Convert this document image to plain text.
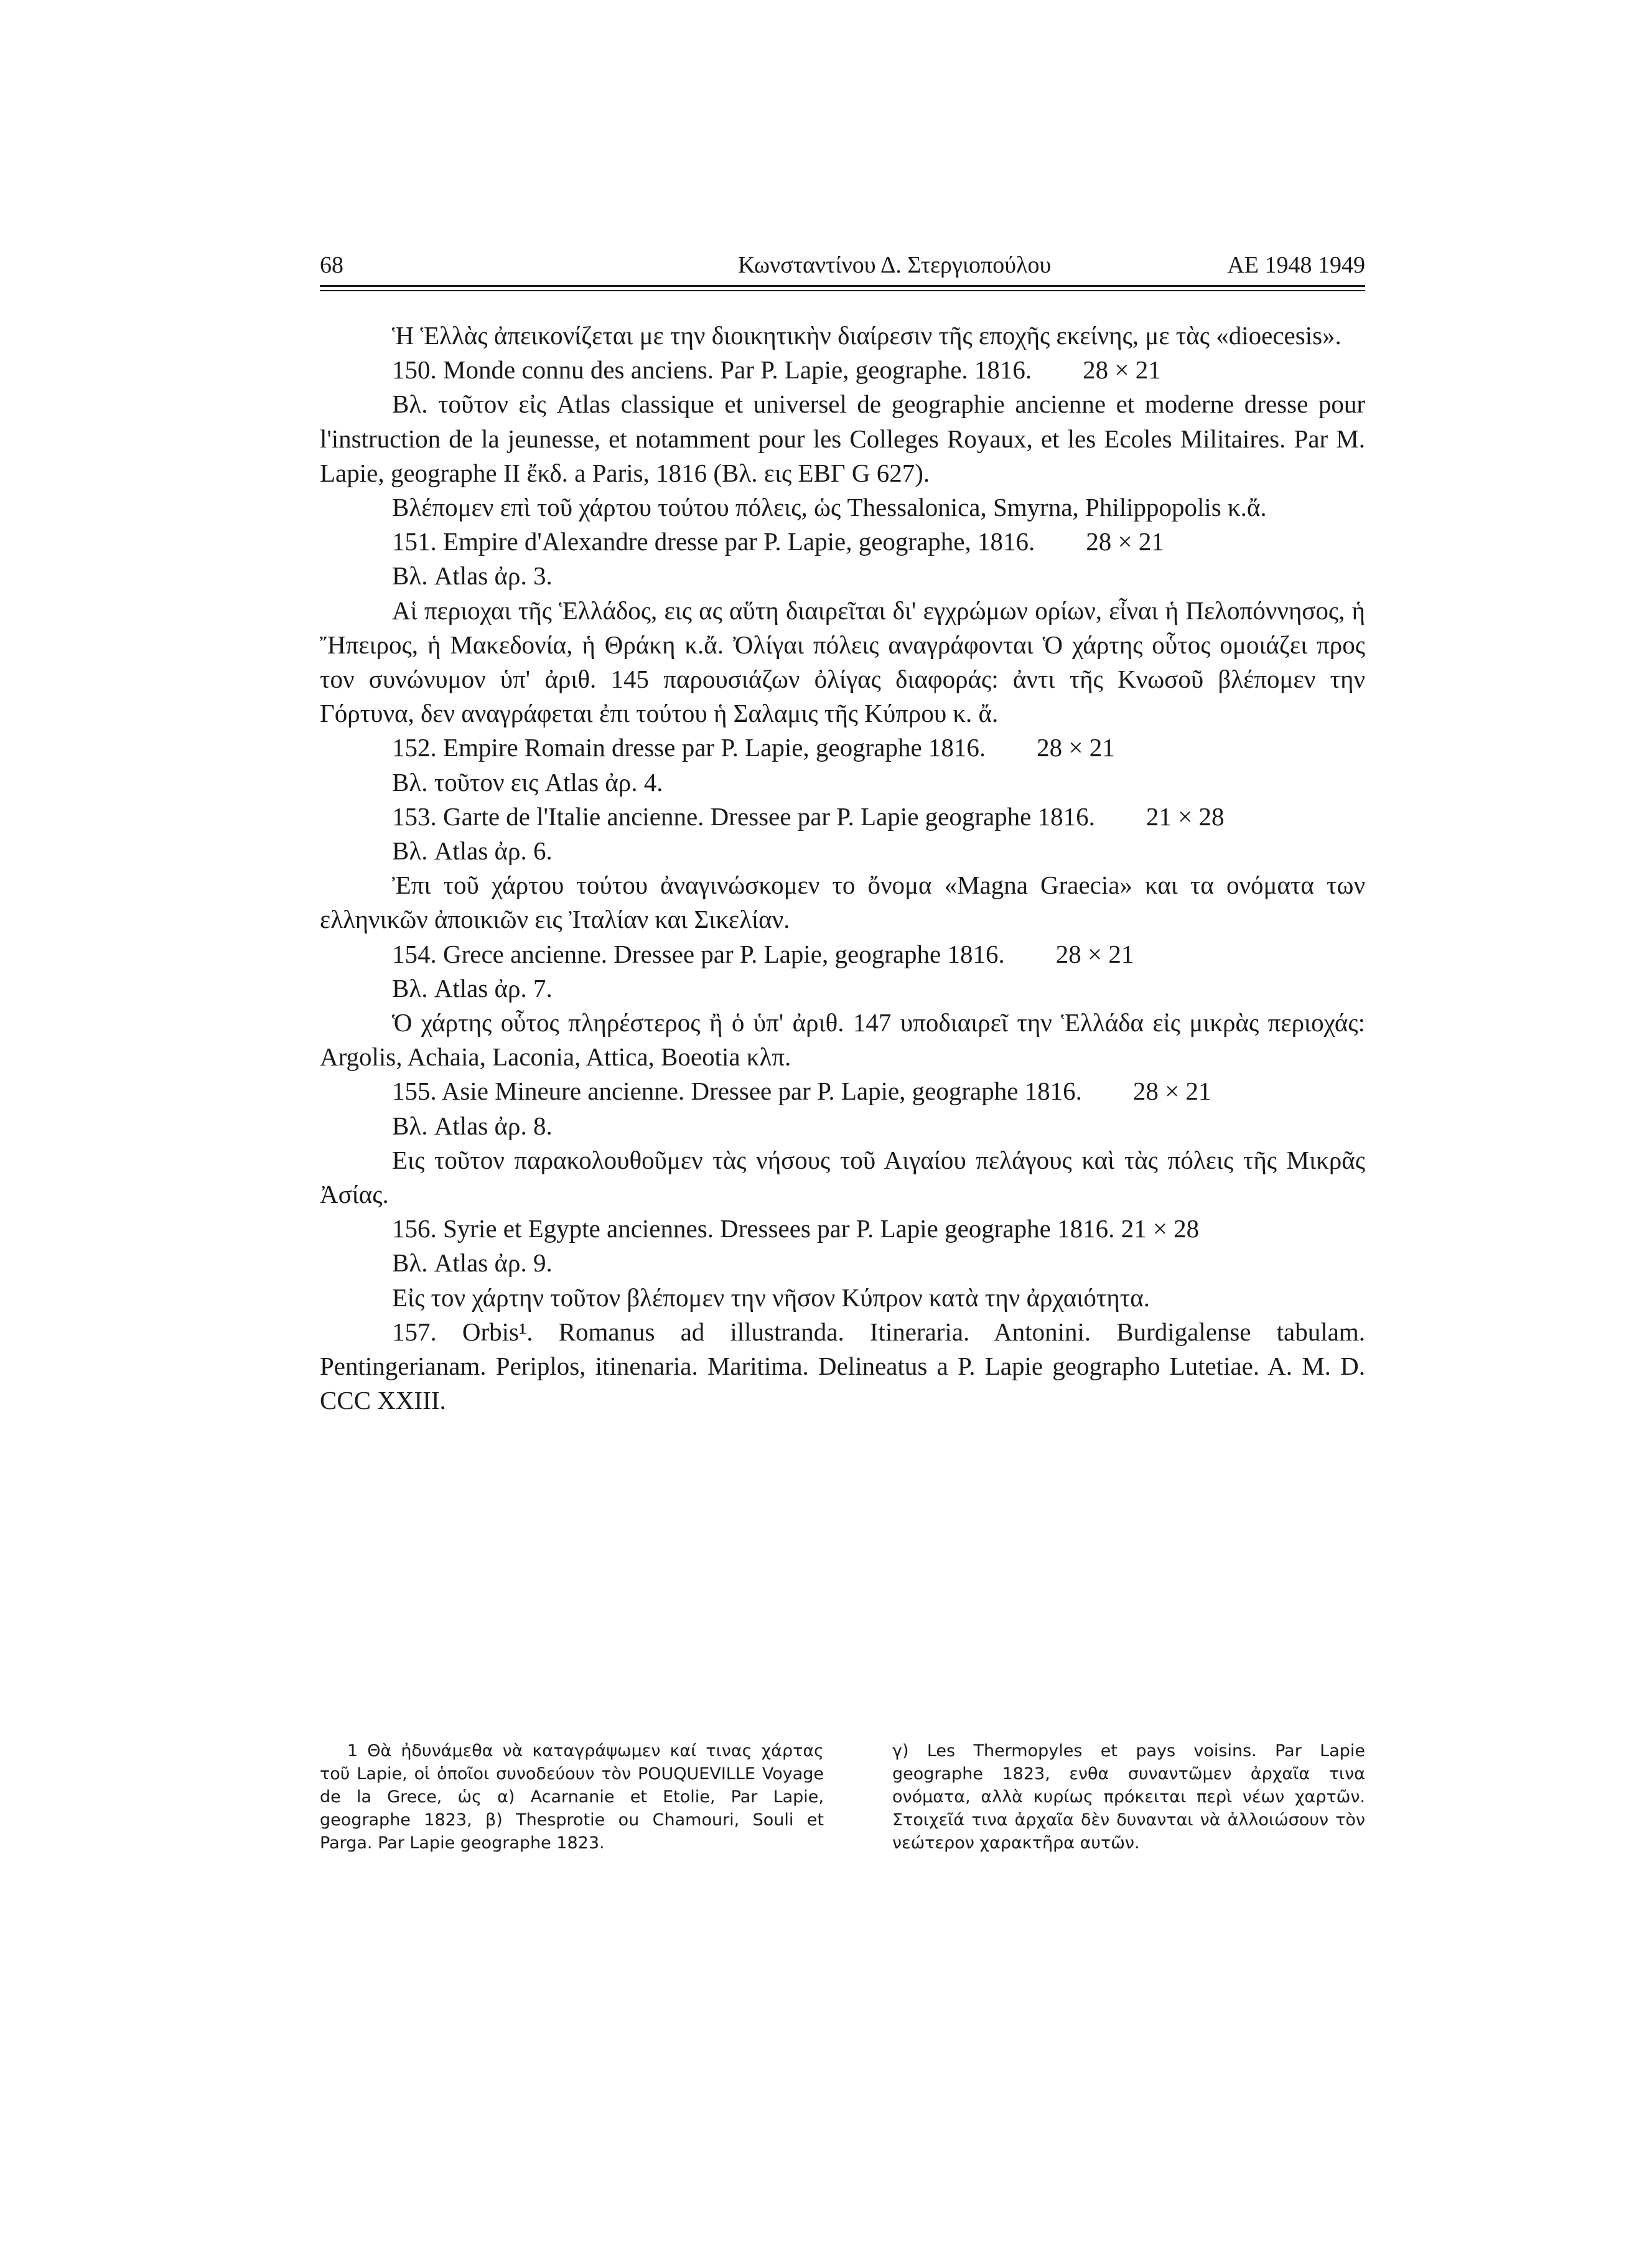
68	Κωνσταντίνου Δ. Στεργιοπούλου	ΑΕ 1948 1949

Ἡ Ἑλλὰς ἀπεικονίζεται με την διοικητικὴν διαίρεσιν τῆς εποχῆς εκείνης, με τὰς «dioecesis».

150. Monde connu des anciens. Par P. Lapie, geographe. 1816.  28 × 21

Βλ. τοῦτον εἰς Atlas classique et universel de geographie ancienne et moderne dresse pour l'instruction de la jeunesse, et notamment pour les Colleges Royaux, et les Ecoles Militaires. Par M. Lapie, geographe II ἔκδ. a Paris, 1816 (Βλ. εις ΕΒΓ G 627).

Βλέπομεν επὶ τοῦ χάρτου τούτου πόλεις, ὡς Thessalonica, Smyrna, Philippopolis κ.ἄ.

151. Empire d'Alexandre dresse par P. Lapie, geographe, 1816.  28 × 21

Βλ. Atlas ἀρ. 3.

Αἱ περιοχαι τῆς Ἑλλάδος, εις ας αὕτη διαιρεῖται δι' εγχρώμων ορίων, εἶναι ἡ Πελοπόννησος, ἡ Ἤπειρος, ἡ Μακεδονία, ἡ Θράκη κ.ἄ. Ὀλίγαι πόλεις αναγράφονται Ὁ χάρτης οὗτος ομοιάζει προς τον συνώνυμον ὑπ' ἀριθ. 145 παρουσιάζων ὀλίγας διαφοράς: ἀντι τῆς Κνωσοῦ βλέπομεν την Γόρτυνα, δεν αναγράφεται ἐπι τούτου ἡ Σαλαμις τῆς Κύπρου κ. ἄ.

152. Empire Romain dresse par P. Lapie, geographe 1816.  28 × 21

Βλ. τοῦτον εις Atlas ἀρ. 4.

153. Garte de l'Italie ancienne. Dressee par P. Lapie geographe 1816.  21 × 28

Βλ. Atlas ἀρ. 6.

Ἐπι τοῦ χάρτου τούτου ἀναγινώσκομεν το ὄνομα «Magna Graecia» και τα ονόματα των ελληνικῶν ἀποικιῶν εις Ἰταλίαν και Σικελίαν.

154. Grece ancienne. Dressee par P. Lapie, geographe 1816.  28 × 21

Βλ. Atlas ἀρ. 7.

Ὁ χάρτης οὗτος πληρέστερος ἢ ὁ ὑπ' ἀριθ. 147 υποδιαιρεῖ την Ἑλλάδα εἰς μικρὰς περιοχάς: Argolis, Achaia, Laconia, Attica, Boeotia κλπ.

155. Asie Mineure ancienne. Dressee par P. Lapie, geographe 1816.  28 × 21

Βλ. Atlas ἀρ. 8.

Εις τοῦτον παρακολουθοῦμεν τὰς νήσους τοῦ Αιγαίου πελάγους καὶ τὰς πόλεις τῆς Μικρᾶς Ἀσίας.

156. Syrie et Egypte anciennes. Dressees par P. Lapie geographe 1816. 21 × 28

Βλ. Atlas ἀρ. 9.

Εἰς τον χάρτην τοῦτον βλέπομεν την νῆσον Κύπρον κατὰ την ἀρχαιότητα.

157. Orbis¹. Romanus ad illustranda. Itineraria. Antonini. Burdigalense tabulam. Pentingerianam. Periplos, itinenaria. Maritima. Delineatus a P. Lapie geographo Lutetiae. A. M. D. CCC XXIII.

1 Θὰ ἠδυνάμεθα νὰ καταγράψωμεν καί τινας χάρτας τοῦ Lapie, οἱ ὁποῖοι συνοδεύουν τὸν POUQUEVILLE Voyage de la Grece, ὡς α) Acarnanie et Etolie, Par Lapie, geographe 1823, β) Thesprotie ou Chamouri, Souli et Parga. Par Lapie geographe 1823.

γ) Les Thermopyles et pays voisins. Par Lapie geographe 1823, ενθα συναντῶμεν ἀρχαῖα τινα ονόματα, αλλὰ κυρίως πρόκειται περὶ νέων χαρτῶν. Στοιχεῖά τινα ἀρχαῖα δὲν δυνανται νὰ ἀλλοιώσουν τὸν νεώτερον χαρακτῆρα αυτῶν.
